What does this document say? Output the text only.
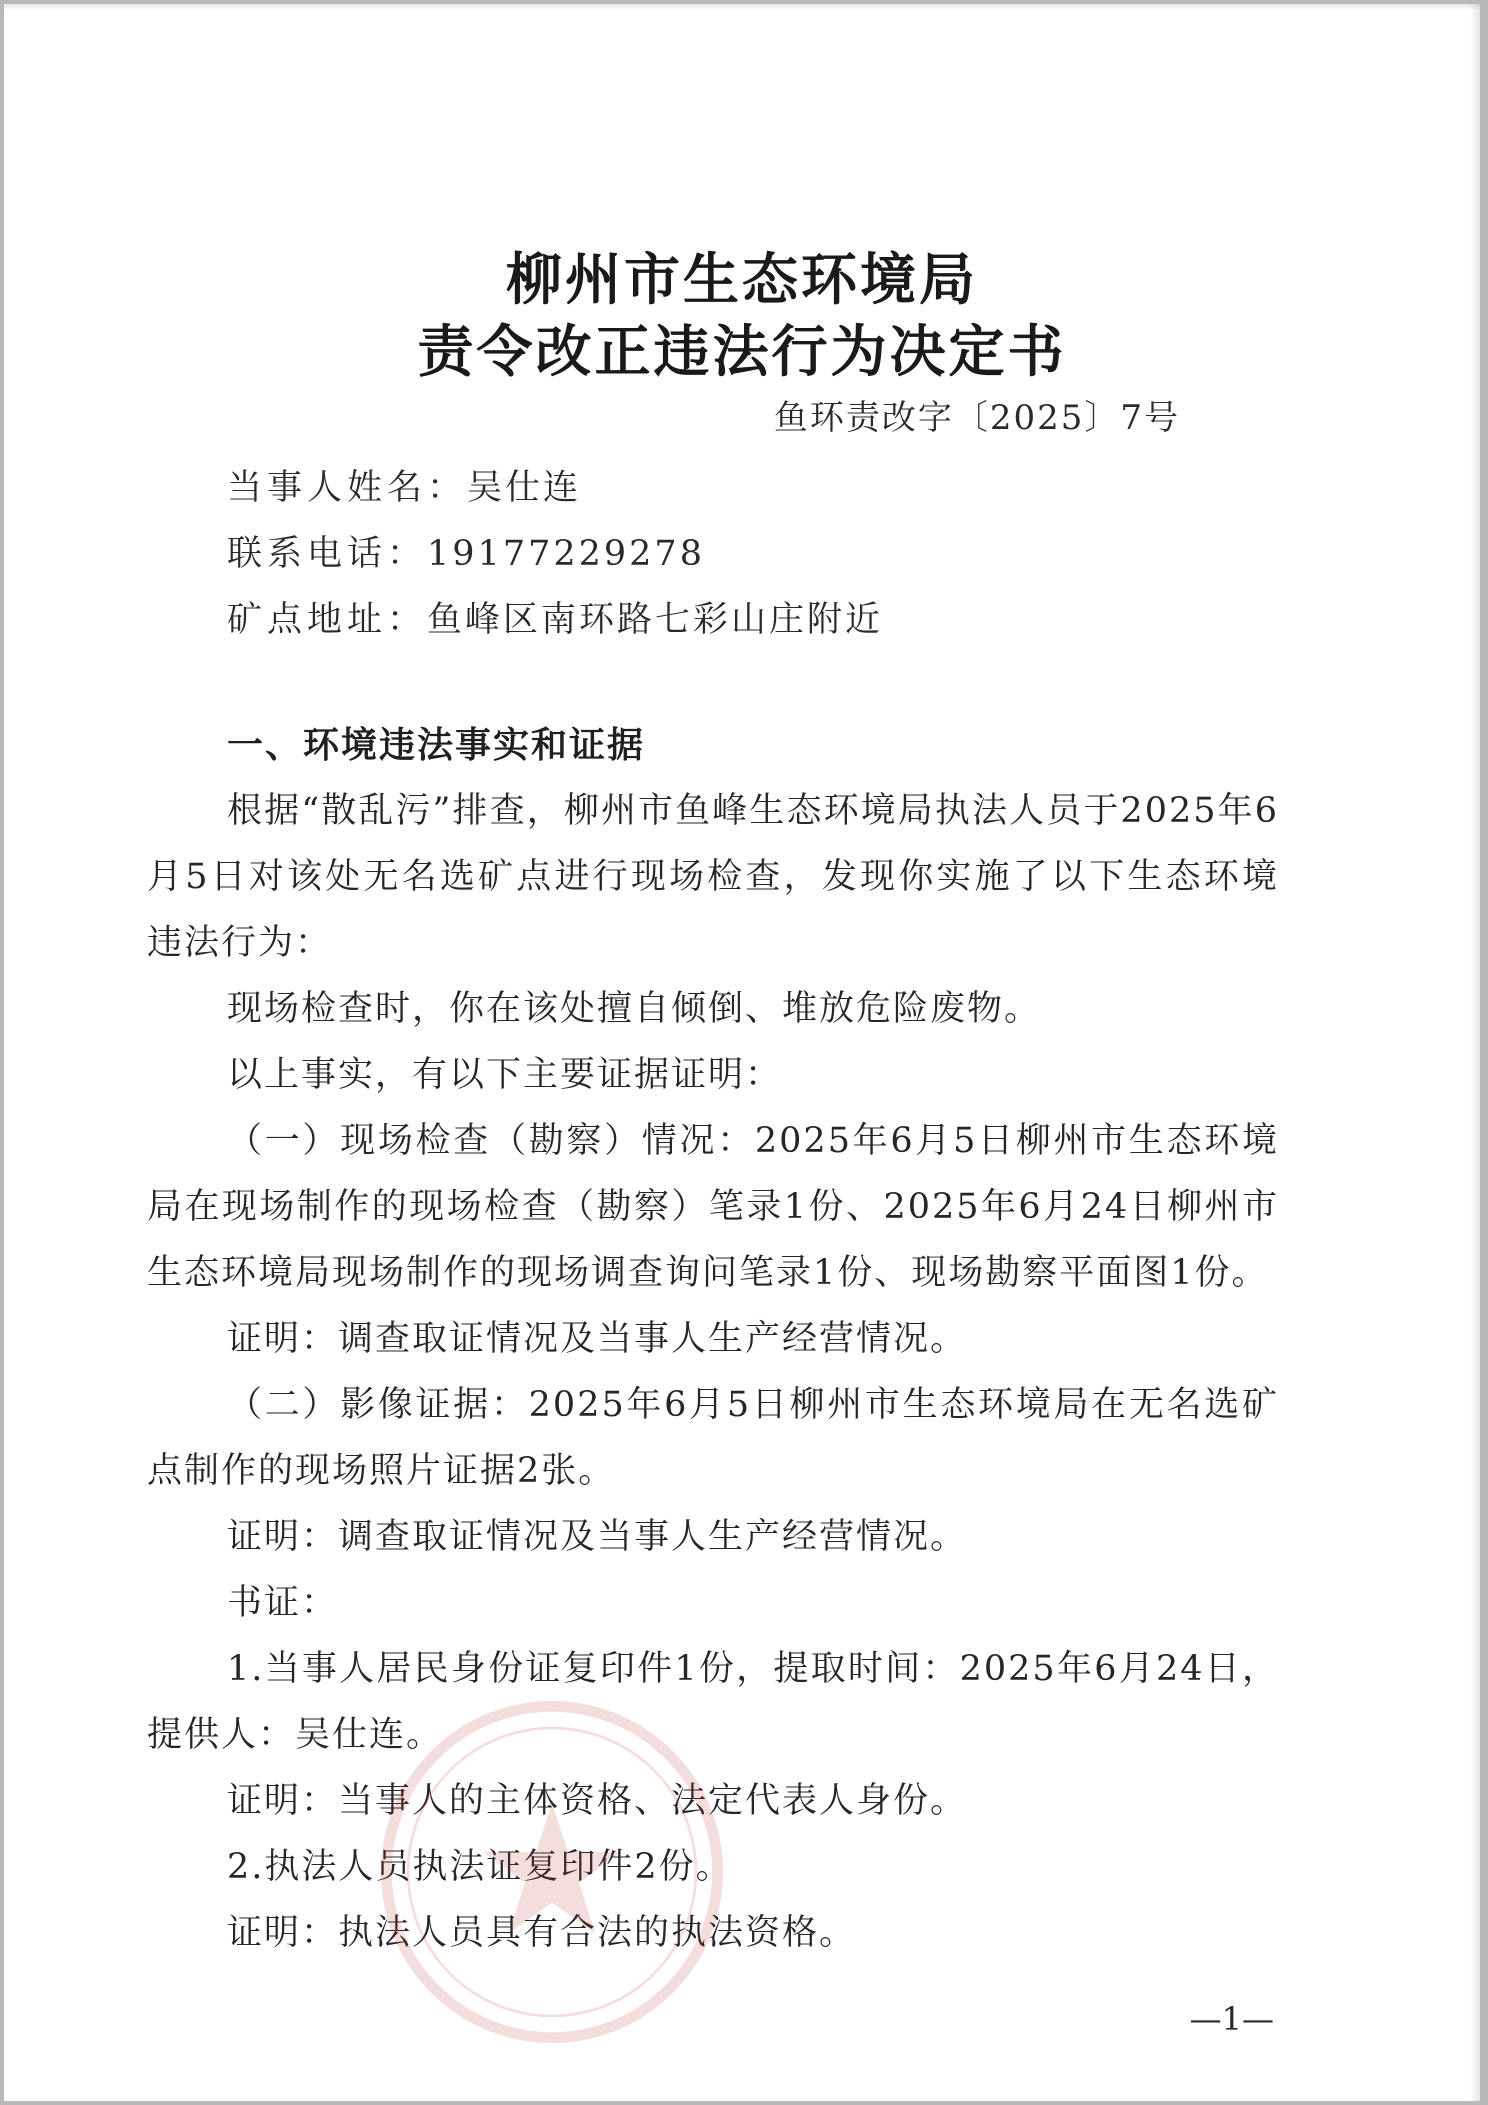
柳州市生态环境局
责令改正违法行为决定书
鱼环责改字〔2025〕7号
当事人姓名：吴仕连
联系电话：19177229278
矿点地址：鱼峰区南环路七彩山庄附近

一、环境违法事实和证据

根据“散乱污”排查，柳州市鱼峰生态环境局执法人员于2025年6月5日对该处无名选矿点进行现场检查，发现你实施了以下生态环境违法行为：

现场检查时，你在该处擅自倾倒、堆放危险废物。

以上事实，有以下主要证据证明：

（一）现场检查（勘察）情况：2025年6月5日柳州市生态环境局在现场制作的现场检查（勘察）笔录1份、2025年6月24日柳州市生态环境局现场制作的现场调查询问笔录1份、现场勘察平面图1份。

证明：调查取证情况及当事人生产经营情况。

（二）影像证据：2025年6月5日柳州市生态环境局在无名选矿点制作的现场照片证据2张。

证明：调查取证情况及当事人生产经营情况。

书证：

1.当事人居民身份证复印件1份，提取时间：2025年6月24日，提供人：吴仕连。

证明：当事人的主体资格、法定代表人身份。

2.执法人员执法证复印件2份。

证明：执法人员具有合法的执法资格。

—1—
